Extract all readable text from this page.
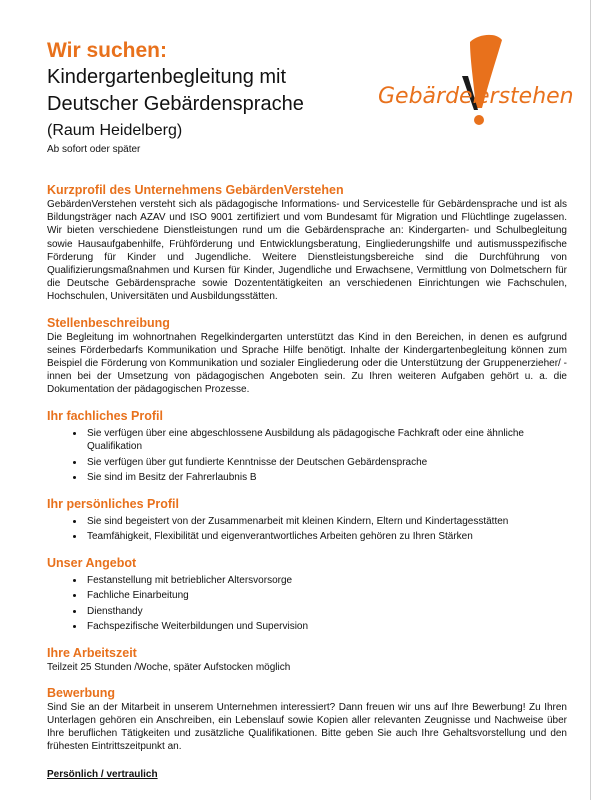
Gebärden
erstehen
Wir suchen:
Kindergartenbegleitung mit
Deutscher Gebärdensprache
(Raum Heidelberg)
Ab sofort oder später
Kurzprofil des Unternehmens GebärdenVerstehen
GebärdenVerstehen versteht sich als pädagogische Informations- und Servicestelle für Gebärdensprache und ist als Bildungsträger nach AZAV und ISO 9001 zertifiziert und vom Bundesamt für Migration und Flüchtlinge zugelassen. Wir bieten verschiedene Dienstleistungen rund um die Gebärdensprache an: Kindergarten- und Schulbegleitung sowie Hausaufgabenhilfe, Frühförderung und Entwicklungsberatung, Eingliederungshilfe und autismusspezifische Förderung für Kinder und Jugendliche. Weitere Dienstleistungsbereiche sind die Durchführung von Qualifizierungsmaßnahmen und Kursen für Kinder, Jugendliche und Erwachsene, Vermittlung von Dolmetschern für die Deutsche Gebärdensprache sowie Dozententätigkeiten an verschiedenen Einrichtungen wie Fachschulen, Hochschulen, Universitäten und Ausbildungsstätten.
Stellenbeschreibung
Die Begleitung im wohnortnahen Regelkindergarten unterstützt das Kind in den Bereichen, in denen es aufgrund seines Förderbedarfs Kommunikation und Sprache Hilfe benötigt. Inhalte der Kindergartenbegleitung können zum Beispiel die Förderung von Kommunikation und sozialer Eingliederung oder die Unterstützung der Gruppenerzieher/ -innen bei der Umsetzung von pädagogischen Angeboten sein. Zu Ihren weiteren Aufgaben gehört u. a. die Dokumentation der pädagogischen Prozesse.
Ihr fachliches Profil
• Sie verfügen über eine abgeschlossene Ausbildung als pädagogische Fachkraft oder eine ähnliche Qualifikation
• Sie verfügen über gut fundierte Kenntnisse der Deutschen Gebärdensprache
• Sie sind im Besitz der Fahrerlaubnis B
Ihr persönliches Profil
• Sie sind begeistert von der Zusammenarbeit mit kleinen Kindern, Eltern und Kindertagesstätten
• Teamfähigkeit, Flexibilität und eigenverantwortliches Arbeiten gehören zu Ihren Stärken
Unser Angebot
• Festanstellung mit betrieblicher Altersvorsorge
• Fachliche Einarbeitung
• Diensthandy
• Fachspezifische Weiterbildungen und Supervision
Ihre Arbeitszeit
Teilzeit 25 Stunden /Woche, später Aufstocken möglich
Bewerbung
Sind Sie an der Mitarbeit in unserem Unternehmen interessiert? Dann freuen wir uns auf Ihre Bewerbung! Zu Ihren Unterlagen gehören ein Anschreiben, ein Lebenslauf sowie Kopien aller relevanten Zeugnisse und Nachweise über Ihre beruflichen Tätigkeiten und zusätzliche Qualifikationen. Bitte geben Sie auch Ihre Gehaltsvorstellung und den frühesten Eintrittszeitpunkt an.
Persönlich / vertraulich
